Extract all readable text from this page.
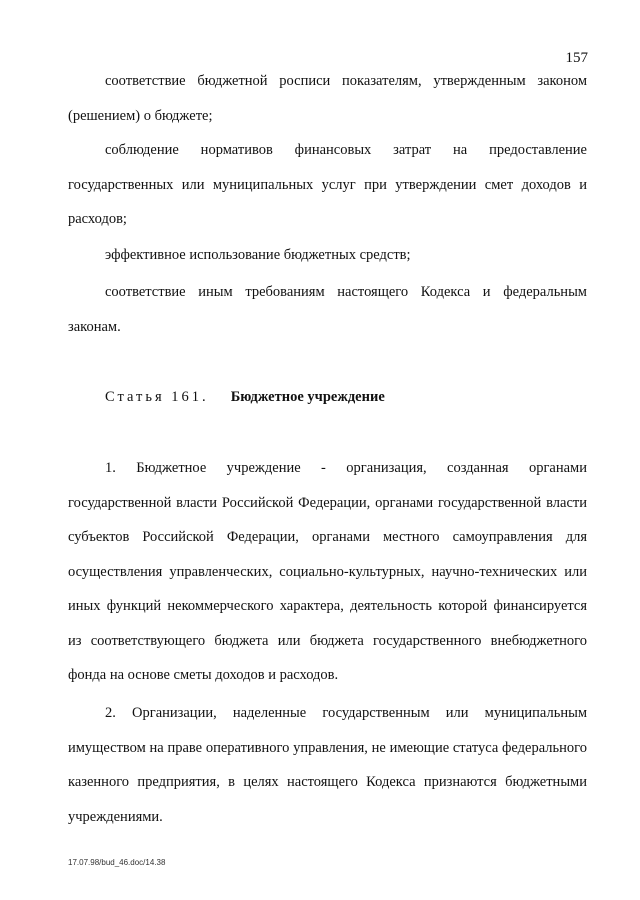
157

соответствие бюджетной росписи показателям, утвержденным законом (решением) о бюджете;

соблюдение нормативов финансовых затрат на предоставление государственных или муниципальных услуг при утверждении смет доходов и расходов;

эффективное использование бюджетных средств;

соответствие иным требованиям настоящего Кодекса и федеральным законам.

Статья 161. Бюджетное учреждение

1. Бюджетное учреждение - организация, созданная органами государственной власти Российской Федерации, органами государственной власти субъектов Российской Федерации, органами местного самоуправления для осуществления управленческих, социально-культурных, научно-технических или иных функций некоммерческого характера, деятельность которой финансируется из соответствующего бюджета или бюджета государственного внебюджетного фонда на основе сметы доходов и расходов.

2. Организации, наделенные государственным или муниципальным имуществом на праве оперативного управления, не имеющие статуса федерального казенного предприятия, в целях настоящего Кодекса признаются бюджетными учреждениями.

17.07.98/bud_46.doc/14.38
